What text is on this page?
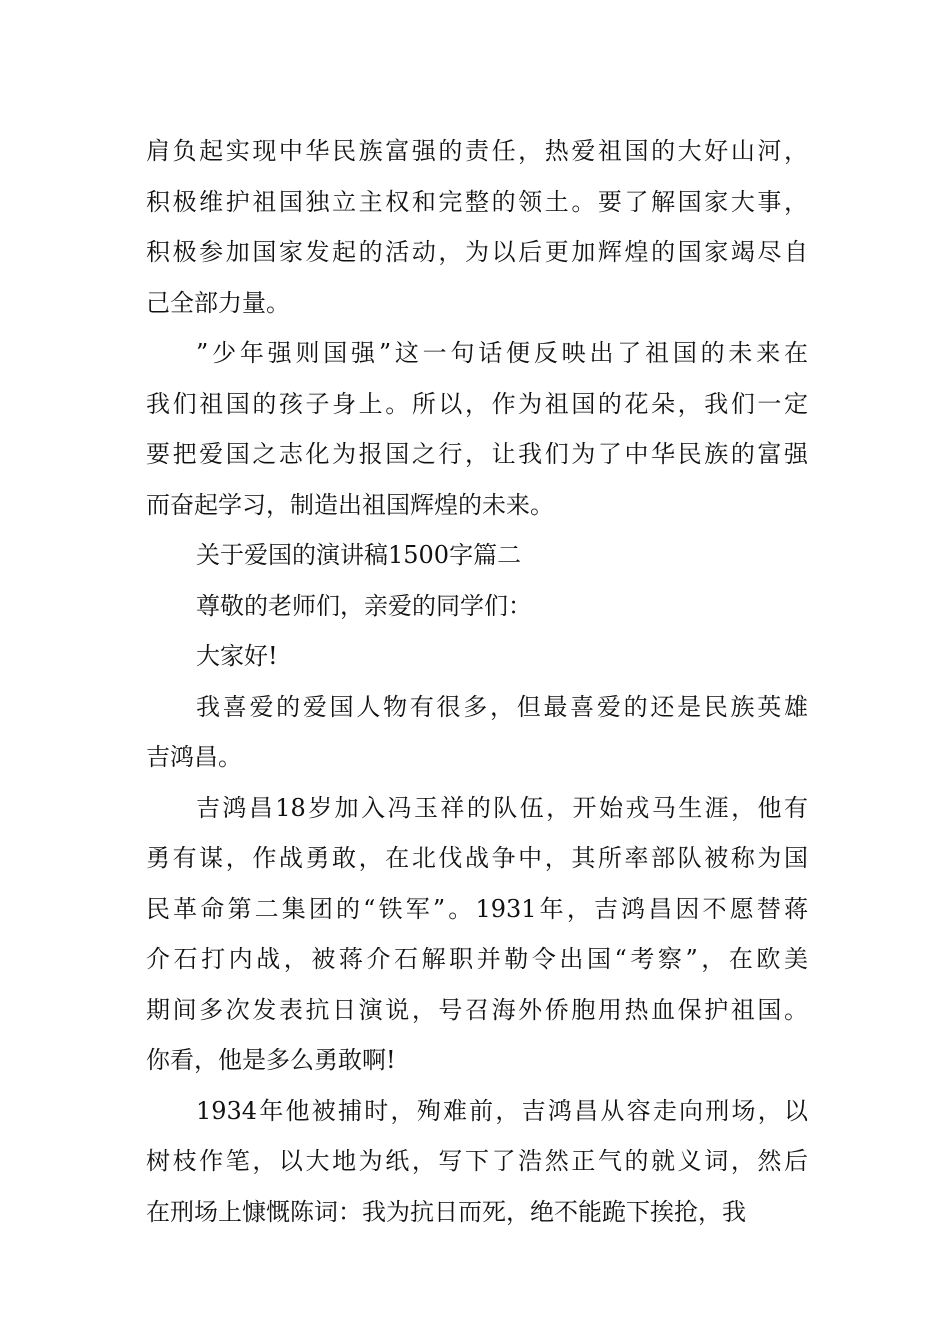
肩负起实现中华民族富强的责任，热爱祖国的大好山河，
积极维护祖国独立主权和完整的领土。要了解国家大事，
积极参加国家发起的活动，为以后更加辉煌的国家竭尽自
己全部力量。
”少年强则国强”这一句话便反映出了祖国的未来在
我们祖国的孩子身上。所以，作为祖国的花朵，我们一定
要把爱国之志化为报国之行，让我们为了中华民族的富强
而奋起学习，制造出祖国辉煌的未来。
关于爱国的演讲稿1500字篇二
尊敬的老师们，亲爱的同学们：
大家好!
我喜爱的爱国人物有很多，但最喜爱的还是民族英雄
吉鸿昌。
吉鸿昌18岁加入冯玉祥的队伍，开始戎马生涯，他有
勇有谋，作战勇敢，在北伐战争中，其所率部队被称为国
民革命第二集团的“铁军”。1931年，吉鸿昌因不愿替蒋
介石打内战，被蒋介石解职并勒令出国“考察”，在欧美
期间多次发表抗日演说，号召海外侨胞用热血保护祖国。
你看，他是多么勇敢啊!
1934年他被捕时，殉难前，吉鸿昌从容走向刑场，以
树枝作笔，以大地为纸，写下了浩然正气的就义词，然后
在刑场上慷慨陈词：我为抗日而死，绝不能跪下挨抢，我
